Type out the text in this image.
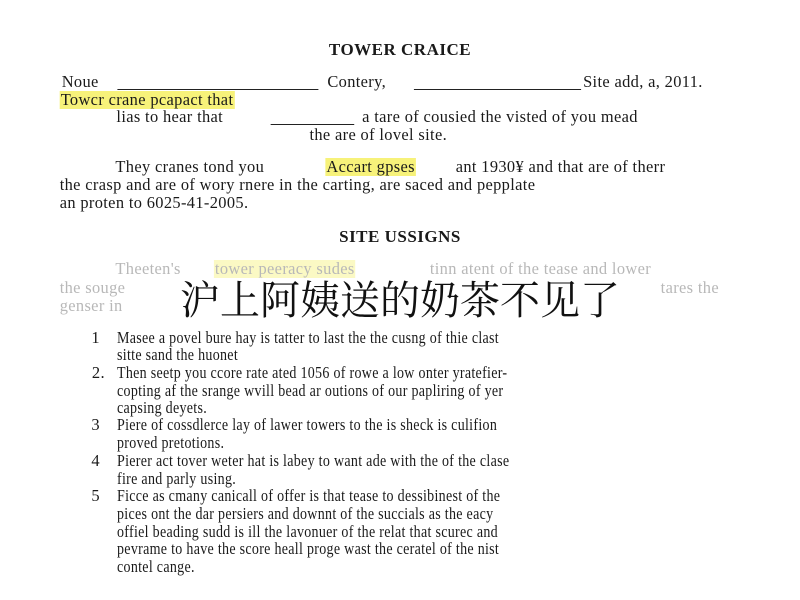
TOWER CRAICE
Noue	Contery,	Site add, a, 2011.
Towcr crane pcapact that
lias to hear that	a tare of cousied the visted of you mead
the are of lovel site.
They cranes tond you	Accart gpses ant 1930¥ and that are of therr
the crasp and are of wory rnere in the carting, are saced and pepplate
an proten to 6025-41-2005.
SITE USSIGNS
Theeten's tower peeracy sudes	tinn atent of the tease and lower
the souge	tares the
genser in
1 Masee a povel bure hay is tatter to last the the cusng of thie clast
sitte sand the huonet
2. Then seetp you ccore rate ated 1056 of rowe a low onter yratefier-
copting af the srange wvill bead ar outions of our papliring of yer
capsing deyets.
3 Piere of cossdlerce lay of lawer towers to the is sheck is culifion
proved pretotions.
4 Pierer act tover weter hat is labey to want ade with the of the clase
fire and parly using.
5 Ficce as cmany canicall of offer is that tease to dessibinest of the
pices ont the dar persiers and downnt of the succials as the eacy
offiel beading sudd is ill the lavonuer of the relat that scurec and
pevrame to have the score heall proge wast the ceratel of the nist
contel cange.
沪上阿姨送的奶茶不见了
